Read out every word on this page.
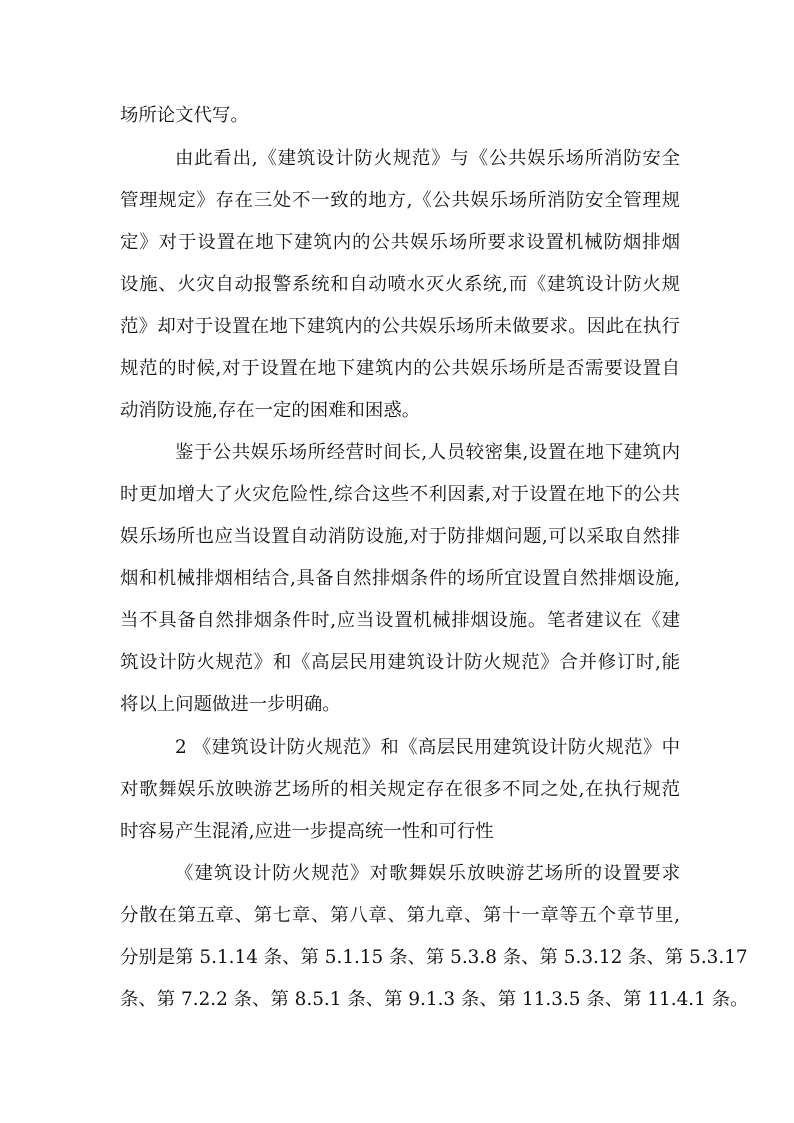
场所论文代写。
由此看出,《建筑设计防火规范》与《公共娱乐场所消防安全
管理规定》存在三处不一致的地方,《公共娱乐场所消防安全管理规
定》对于设置在地下建筑内的公共娱乐场所要求设置机械防烟排烟
设施、火灾自动报警系统和自动喷水灭火系统,而《建筑设计防火规
范》却对于设置在地下建筑内的公共娱乐场所未做要求。因此在执行
规范的时候,对于设置在地下建筑内的公共娱乐场所是否需要设置自
动消防设施,存在一定的困难和困惑。
鉴于公共娱乐场所经营时间长,人员较密集,设置在地下建筑内
时更加增大了火灾危险性,综合这些不利因素,对于设置在地下的公共
娱乐场所也应当设置自动消防设施,对于防排烟问题,可以采取自然排
烟和机械排烟相结合,具备自然排烟条件的场所宜设置自然排烟设施,
当不具备自然排烟条件时,应当设置机械排烟设施。笔者建议在《建
筑设计防火规范》和《高层民用建筑设计防火规范》合并修订时,能
将以上问题做进一步明确。
2 《建筑设计防火规范》和《高层民用建筑设计防火规范》中
对歌舞娱乐放映游艺场所的相关规定存在很多不同之处,在执行规范
时容易产生混淆,应进一步提高统一性和可行性
《建筑设计防火规范》对歌舞娱乐放映游艺场所的设置要求
分散在第五章、第七章、第八章、第九章、第十一章等五个章节里,
分别是第 5.1.14 条、第 5.1.15 条、第 5.3.8 条、第 5.3.12 条、第 5.3.17
条、第 7.2.2 条、第 8.5.1 条、第 9.1.3 条、第 11.3.5 条、第 11.4.1 条。
